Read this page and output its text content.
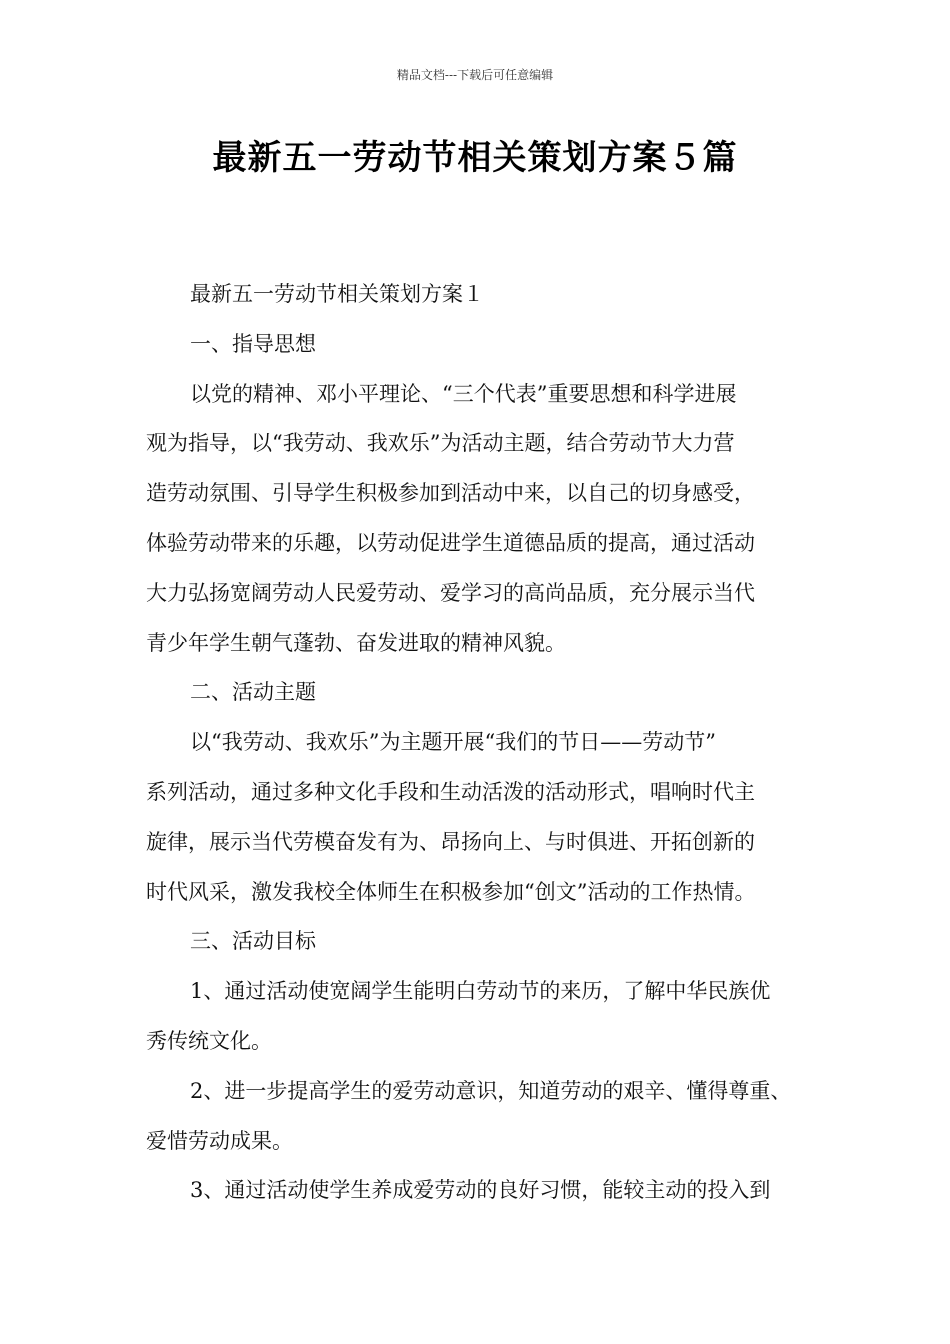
精品文档---下载后可任意编辑
最新五一劳动节相关策划方案５篇
最新五一劳动节相关策划方案１
一、指导思想
以党的精神、邓小平理论、“三个代表”重要思想和科学进展
观为指导，以“我劳动、我欢乐”为活动主题，结合劳动节大力营
造劳动氛围、引导学生积极参加到活动中来，以自己的切身感受，
体验劳动带来的乐趣，以劳动促进学生道德品质的提高，通过活动
大力弘扬宽阔劳动人民爱劳动、爱学习的高尚品质，充分展示当代
青少年学生朝气蓬勃、奋发进取的精神风貌。
二、活动主题
以“我劳动、我欢乐”为主题开展“我们的节日——劳动节”
系列活动，通过多种文化手段和生动活泼的活动形式，唱响时代主
旋律，展示当代劳模奋发有为、昂扬向上、与时俱进、开拓创新的
时代风采，激发我校全体师生在积极参加“创文”活动的工作热情。
三、活动目标
1、通过活动使宽阔学生能明白劳动节的来历，了解中华民族优
秀传统文化。
2、进一步提高学生的爱劳动意识，知道劳动的艰辛、懂得尊重、
爱惜劳动成果。
3、通过活动使学生养成爱劳动的良好习惯，能较主动的投入到
